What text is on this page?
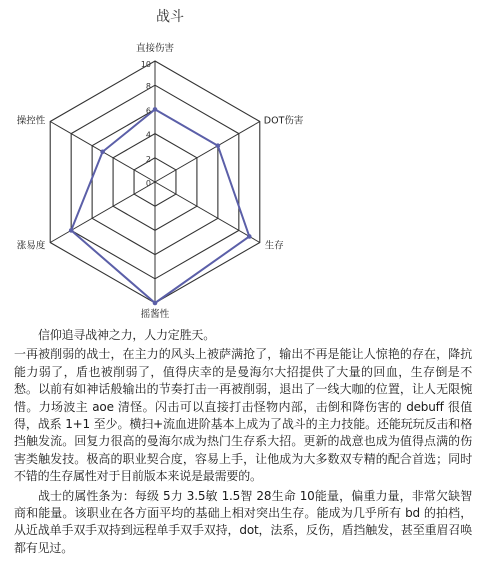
战斗
直接伤害
DOT伤害
生存
摇酱性
涨易度
操控性
0
2
4
6
8
10

信仰追寻战神之力，人力定胜天。

一再被削弱的战士，在主力的风头上被萨满抢了，输出不再是能让人惊艳的存在，降抗能力弱了，盾也被削弱了，值得庆幸的是曼海尔大招提供了大量的回血，生存倒是不愁。以前有如神话般输出的节奏打击一再被削弱，退出了一线大咖的位置，让人无限惋惜。力场波主 aoe 清怪。闪击可以直接打击怪物内部，击倒和降伤害的 debuff 很值得，战系 1+1 至少。横扫+流血进阶基本上成为了战斗的主力技能。还能玩玩反击和格挡触发流。回复力很高的曼海尔成为热门生存系大招。更新的战意也成为值得点满的伤害类触发技。极高的职业契合度，容易上手，让他成为大多数双专精的配合首选；同时不错的生存属性对于目前版本来说是最需要的。

战士的属性条为：每级 5力 3.5敏 1.5智 28生命 10能量，偏重力量，非常欠缺智商和能量。该职业在各方面平均的基础上相对突出生存。能成为几乎所有 bd 的拍档，从近战单手双手双持到远程单手双手双持，dot，法系，反伤，盾挡触发，甚至重眉召唤都有见过。
